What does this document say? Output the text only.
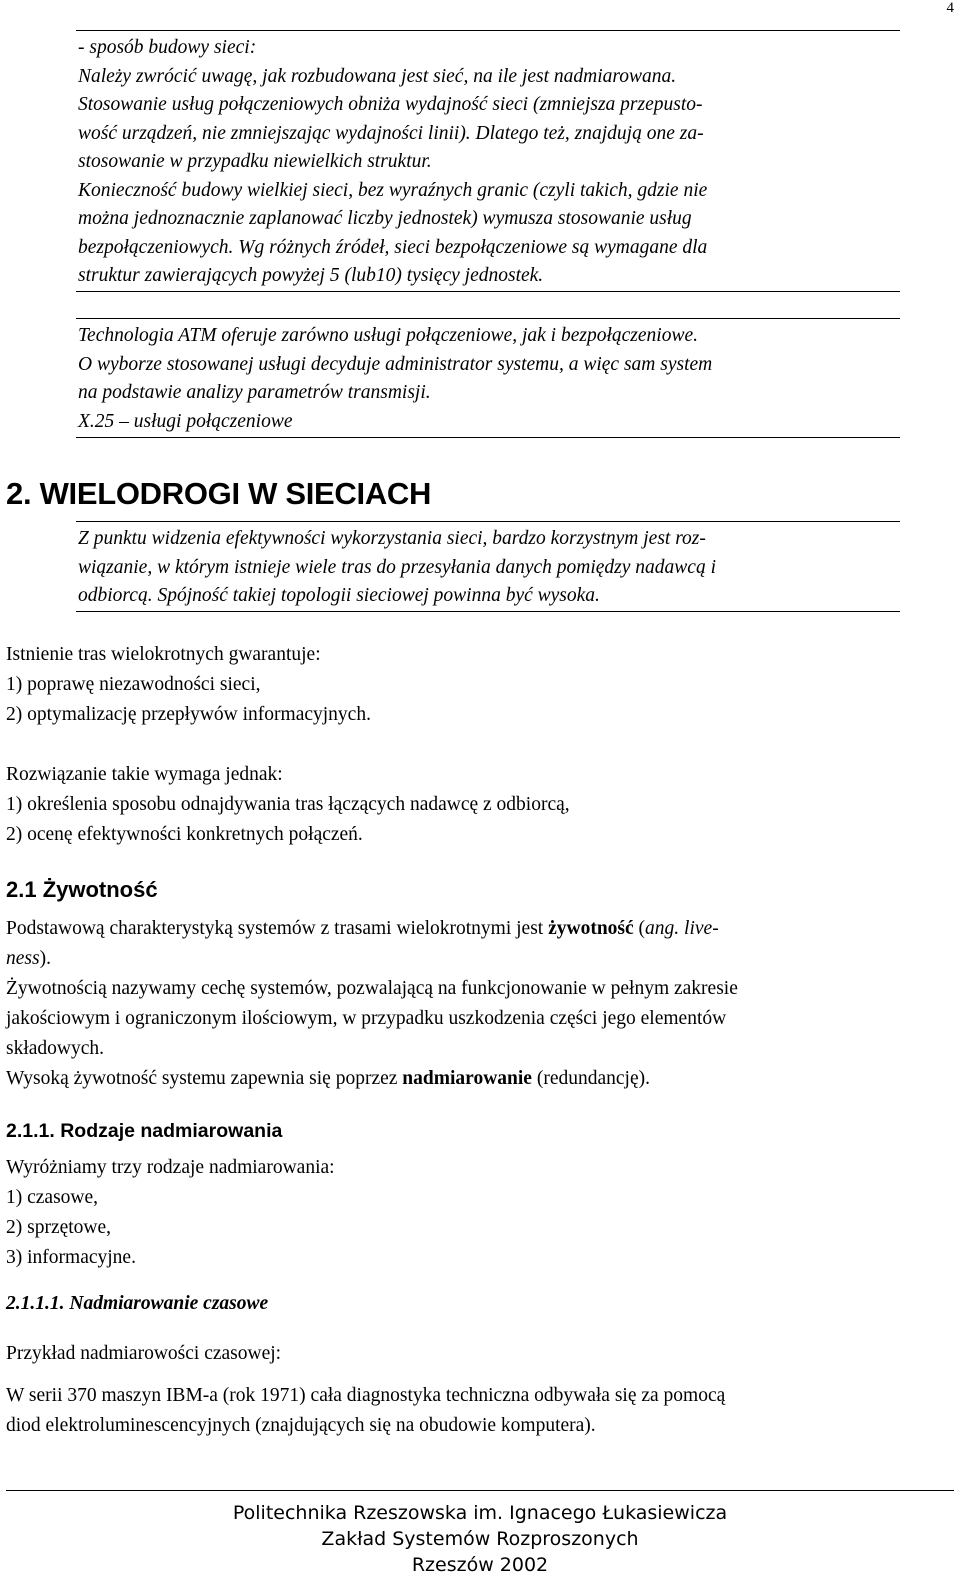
4
- sposób budowy sieci:
Należy zwrócić uwagę, jak rozbudowana jest sieć, na ile jest nadmiarowana.
Stosowanie usług połączeniowych obniża wydajność sieci (zmniejsza przepusto-
wość urządzeń, nie zmniejszając wydajności linii). Dlatego też, znajdują one za-
stosowanie w przypadku niewielkich struktur.
Konieczność budowy wielkiej sieci, bez wyraźnych granic (czyli takich, gdzie nie
można jednoznacznie zaplanować liczby jednostek) wymusza stosowanie usług
bezpołączeniowych. Wg różnych źródeł, sieci bezpołączeniowe są wymagane dla
struktur zawierających powyżej 5 (lub10) tysięcy jednostek.
Technologia ATM oferuje zarówno usługi połączeniowe, jak i bezpołączeniowe.
O wyborze stosowanej usługi decyduje administrator systemu, a więc sam system
na podstawie analizy parametrów transmisji.
X.25 – usługi połączeniowe
2. WIELODROGI W SIECIACH
Z punktu widzenia efektywności wykorzystania sieci, bardzo korzystnym jest roz-
wiązanie, w którym istnieje wiele tras do przesyłania danych pomiędzy nadawcą i
odbiorcą. Spójność takiej topologii sieciowej powinna być wysoka.
Istnienie tras wielokrotnych gwarantuje:
1) poprawę niezawodności sieci,
2) optymalizację przepływów informacyjnych.
Rozwiązanie takie wymaga jednak:
1) określenia sposobu odnajdywania tras łączących nadawcę z odbiorcą,
2) ocenę efektywności konkretnych połączeń.
2.1 Żywotność
Podstawową charakterystyką systemów z trasami wielokrotnymi jest żywotność (ang. live-
ness).
Żywotnością nazywamy cechę systemów, pozwalającą na funkcjonowanie w pełnym zakresie
jakościowym i ograniczonym ilościowym, w przypadku uszkodzenia części jego elementów
składowych.
Wysoką żywotność systemu zapewnia się poprzez nadmiarowanie (redundancję).
2.1.1. Rodzaje nadmiarowania
Wyróżniamy trzy rodzaje nadmiarowania:
1) czasowe,
2) sprzętowe,
3) informacyjne.
2.1.1.1. Nadmiarowanie czasowe
Przykład nadmiarowości czasowej:
W serii 370 maszyn IBM-a (rok 1971) cała diagnostyka techniczna odbywała się za pomocą
diod elektroluminescencyjnych (znajdujących się na obudowie komputera).
Politechnika Rzeszowska im. Ignacego Łukasiewicza
Zakład Systemów Rozproszonych
Rzeszów 2002
